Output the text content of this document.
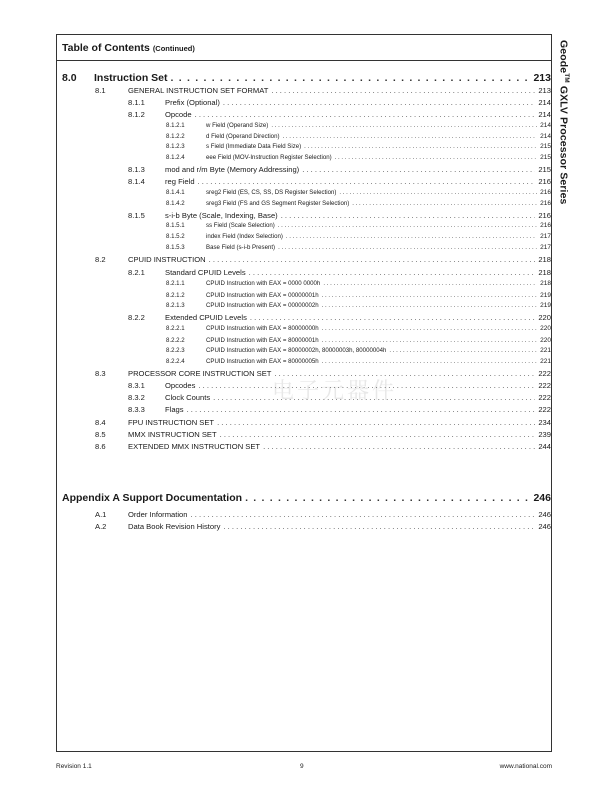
Table of Contents (Continued)	Geode™ GXLV Processor Series
电子元器件
8.0 Instruction Set . . .	213
8.1	GENERAL INSTRUCTION SET FORMAT . . .	213
8.1.1	Prefix (Optional) . . .	214
8.1.2	Opcode . . .	214
8.1.2.1	w Field (Operand Size) . . .	214
8.1.2.2	d Field (Operand Direction) . . .	214
8.1.2.3	s Field (Immediate Data Field Size) . . .	215
8.1.2.4	eee Field (MOV-Instruction Register Selection) . . .	215
8.1.3	mod and r/m Byte (Memory Addressing) . . .	215
8.1.4	reg Field . . .	216
8.1.4.1	sreg2 Field (ES, CS, SS, DS Register Selection) . . .	216
8.1.4.2	sreg3 Field (FS and GS Segment Register Selection) . . .	216
8.1.5	s-i-b Byte (Scale, Indexing, Base) . . .	216
8.1.5.1	ss Field (Scale Selection) . . .	216
8.1.5.2	index Field (Index Selection) . . .	217
8.1.5.3	Base Field (s-i-b Present) . . .	217
8.2	CPUID INSTRUCTION . . .	218
8.2.1	Standard CPUID Levels . . .	218
8.2.1.1	CPUID Instruction with EAX = 0000 0000h . . .	218
8.2.1.2	CPUID Instruction with EAX = 00000001h . . .	219
8.2.1.3	CPUID Instruction with EAX = 00000002h . . .	219
8.2.2	Extended CPUID Levels . . .	220
8.2.2.1	CPUID Instruction with EAX = 80000000h . . .	220
8.2.2.2	CPUID Instruction with EAX = 80000001h . . .	220
8.2.2.3	CPUID Instruction with EAX = 80000002h, 80000003h, 80000004h . . .	221
8.2.2.4	CPUID Instruction with EAX = 80000005h . . .	221
8.3	PROCESSOR CORE INSTRUCTION SET . . .	222
8.3.1	Opcodes . . .	222
8.3.2	Clock Counts . . .	222
8.3.3	Flags . . .	222
8.4	FPU INSTRUCTION SET . . .	234
8.5	MMX INSTRUCTION SET . . .	239
8.6	EXTENDED MMX INSTRUCTION SET . . .	244
Appendix A Support Documentation . . .	246
A.1	Order Information . . .	246
A.2	Data Book Revision History . . .	246
Revision 1.1	9	www.national.com
